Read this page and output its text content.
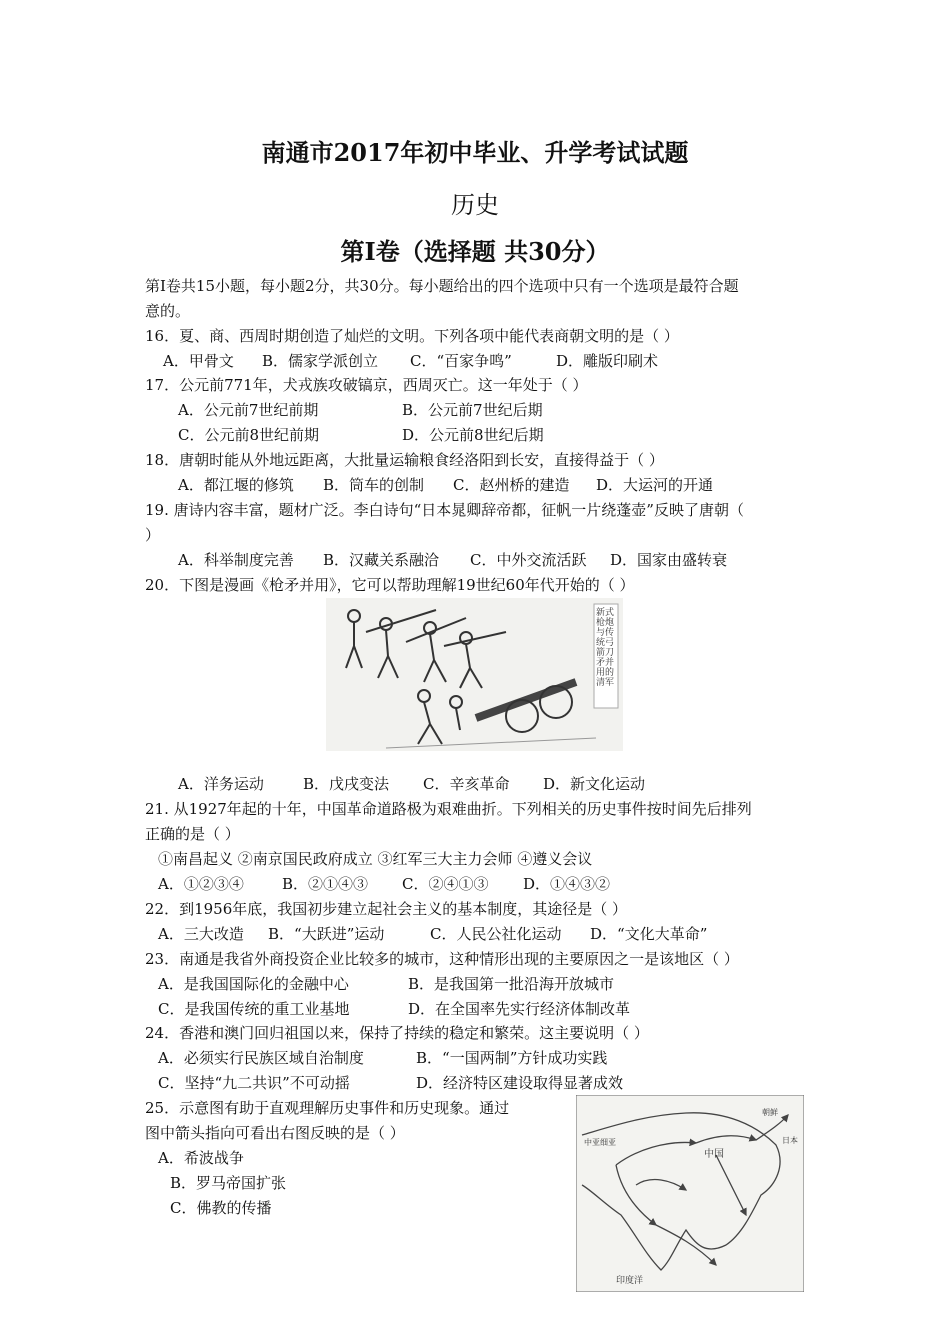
南通市2017年初中毕业、升学考试试题
历史
第Ⅰ卷（选择题 共30分）
第Ⅰ卷共15小题，每小题2分，共30分。每小题给出的四个选项中只有一个选项是最符合题
意的。
16．夏、商、西周时期创造了灿烂的文明。下列各项中能代表商朝文明的是（ ）
A．甲骨文 B．儒家学派创立 C．“百家争鸣”	D．雕版印刷术
17．公元前771年，犬戎族攻破镐京，西周灭亡。这一年处于（ ）
A．公元前7世纪前期	B．公元前7世纪后期
C．公元前8世纪前期	D．公元前8世纪后期
18．唐朝时能从外地远距离，大批量运输粮食经洛阳到长安，直接得益于（ ）
A．都江堰的修筑 B．筒车的创制 C．赵州桥的建造 D．大运河的开通
19. 唐诗内容丰富，题材广泛。李白诗句“日本晁卿辞帝都，征帆一片绕蓬壶”反映了唐朝（
）
A．科举制度完善 B．汉藏关系融洽 C．中外交流活跃 D．国家由盛转衰
20．下图是漫画《枪矛并用》，它可以帮助理解19世纪60年代开始的（ ）
新式枪炮与传统弓箭刀矛并用的清军
A．洋务运动	B．戊戌变法 C．辛亥革命 D．新文化运动
21. 从1927年起的十年，中国革命道路极为艰难曲折。下列相关的历史事件按时间先后排列
正确的是（ ）
①南昌起义 ②南京国民政府成立 ③红军三大主力会师 ④遵义会议
A．①②③④	B．②①④③ C．②④①③ D．①④③②
22．到1956年底，我国初步建立起社会主义的基本制度，其途径是（ ）
A．三大改造 B．“大跃进”运动	C．人民公社化运动 D．“文化大革命”
23．南通是我省外商投资企业比较多的城市，这种情形出现的主要原因之一是该地区（ ）
A．是我国国际化的金融中心	B．是我国第一批沿海开放城市
C．是我国传统的重工业基地	D．在全国率先实行经济体制改革
24．香港和澳门回归祖国以来，保持了持续的稳定和繁荣。这主要说明（ ）
A．必须实行民族区域自治制度	B．“一国两制”方针成功实践
C．坚持“九二共识”不可动摇	D．经济特区建设取得显著成效
25．示意图有助于直观理解历史事件和历史现象。通过
图中箭头指向可看出右图反映的是（ ）
A．希波战争
B．罗马帝国扩张
C．佛教的传播
中亚细亚
中国
朝鲜
日本
印度洋
